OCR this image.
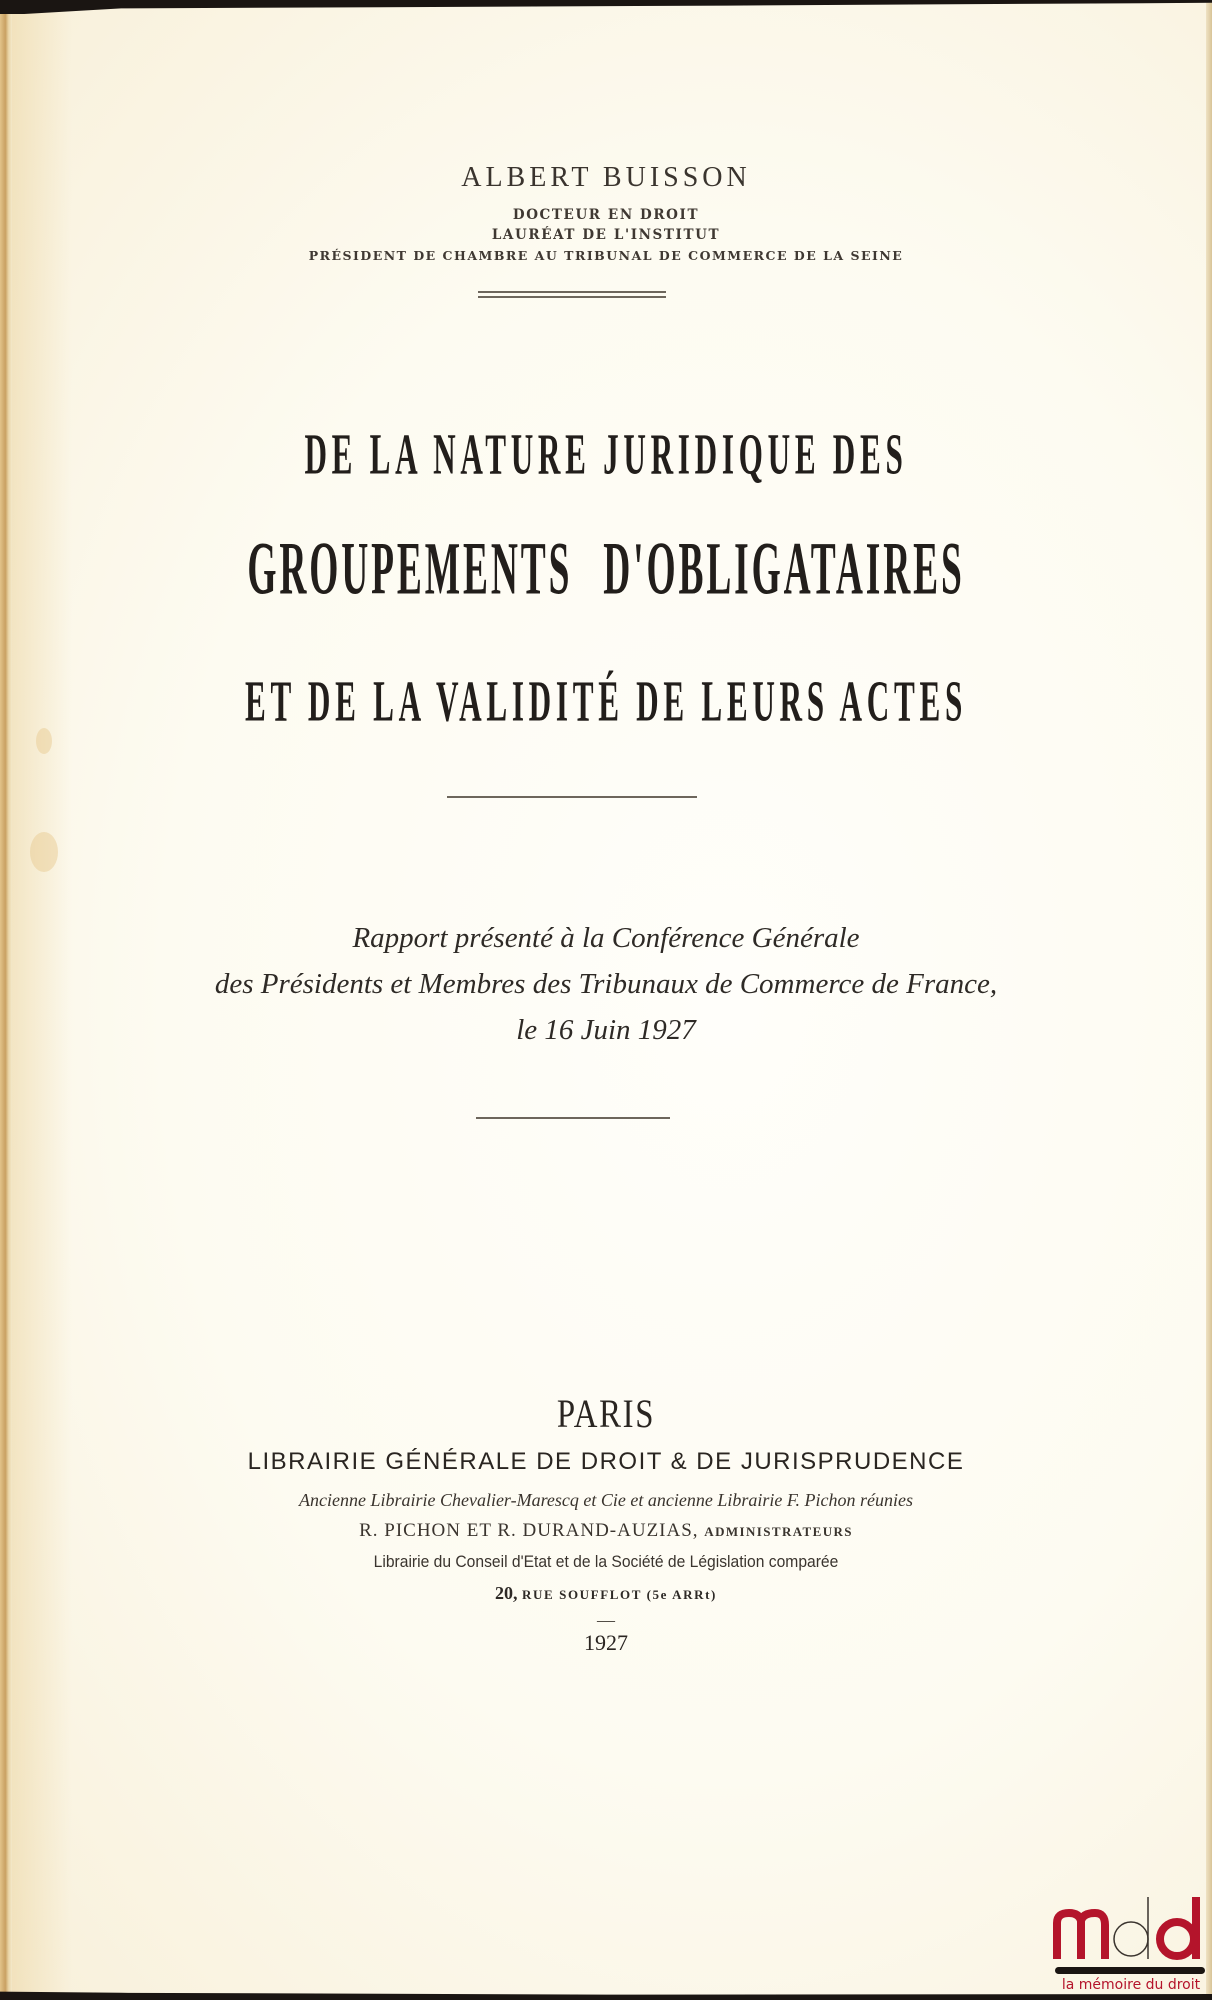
ALBERT BUISSON
DOCTEUR EN DROIT
LAURÉAT DE L'INSTITUT
PRÉSIDENT DE CHAMBRE AU TRIBUNAL DE COMMERCE DE LA SEINE
DE LA NATURE JURIDIQUE DES
GROUPEMENTS D'OBLIGATAIRES
ET DE LA VALIDITÉ DE LEURS ACTES
Rapport présenté à la Conférence Générale
des Présidents et Membres des Tribunaux de Commerce de France,
le 16 Juin 1927
PARIS
LIBRAIRIE GÉNÉRALE DE DROIT & DE JURISPRUDENCE
Ancienne Librairie Chevalier-Marescq et Cie et ancienne Librairie F. Pichon réunies
R. PICHON ET R. DURAND-AUZIAS, ADMINISTRATEURS
Librairie du Conseil d'Etat et de la Société de Législation comparée
20, RUE SOUFFLOT (5e ARRt)
—
1927
la mémoire du droit
